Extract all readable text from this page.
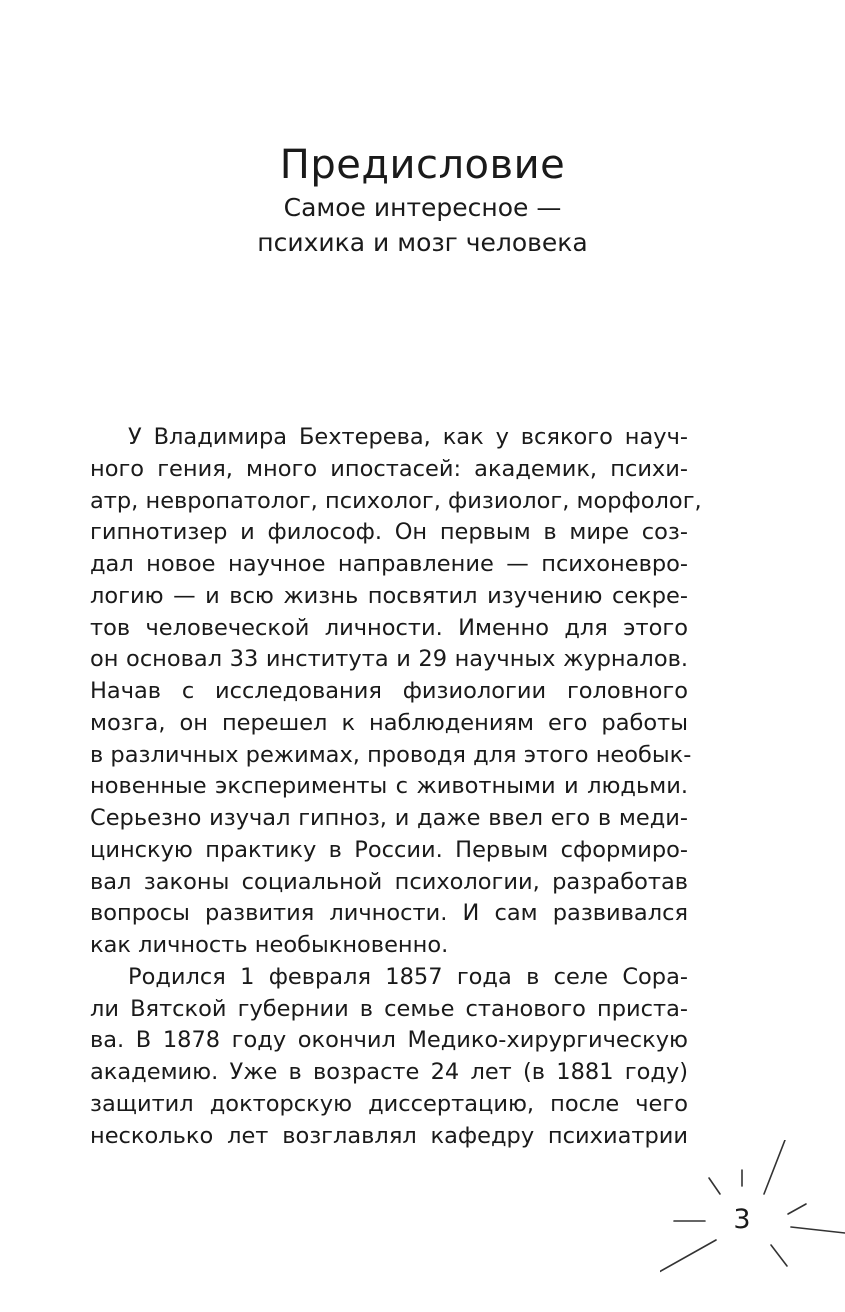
Предисловие

Самое интересное —

психика и мозг человека

У Владимира Бехтерева, как у всякого науч-
ного гения, много ипостасей: академик, психи-
атр, невропатолог, психолог, физиолог, морфолог,
гипнотизер и философ. Он первым в мире соз-
дал новое научное направление — психоневро-
логию — и всю жизнь посвятил изучению секре-
тов человеческой личности. Именно для этого
он основал 33 института и 29 научных журналов.
Начав с исследования физиологии головного
мозга, он перешел к наблюдениям его работы
в различных режимах, проводя для этого необык-
новенные эксперименты с животными и людьми.
Серьезно изучал гипноз, и даже ввел его в меди-
цинскую практику в России. Первым сформиро-
вал законы социальной психологии, разработав
вопросы развития личности. И сам развивался
как личность необыкновенно.
Родился 1 февраля 1857 года в селе Сора-
ли Вятской губернии в семье станового приста-
ва. В 1878 году окончил Медико-хирургическую
академию. Уже в возрасте 24 лет (в 1881 году)
защитил докторскую диссертацию, после чего
несколько лет возглавлял кафедру психиатрии
3
